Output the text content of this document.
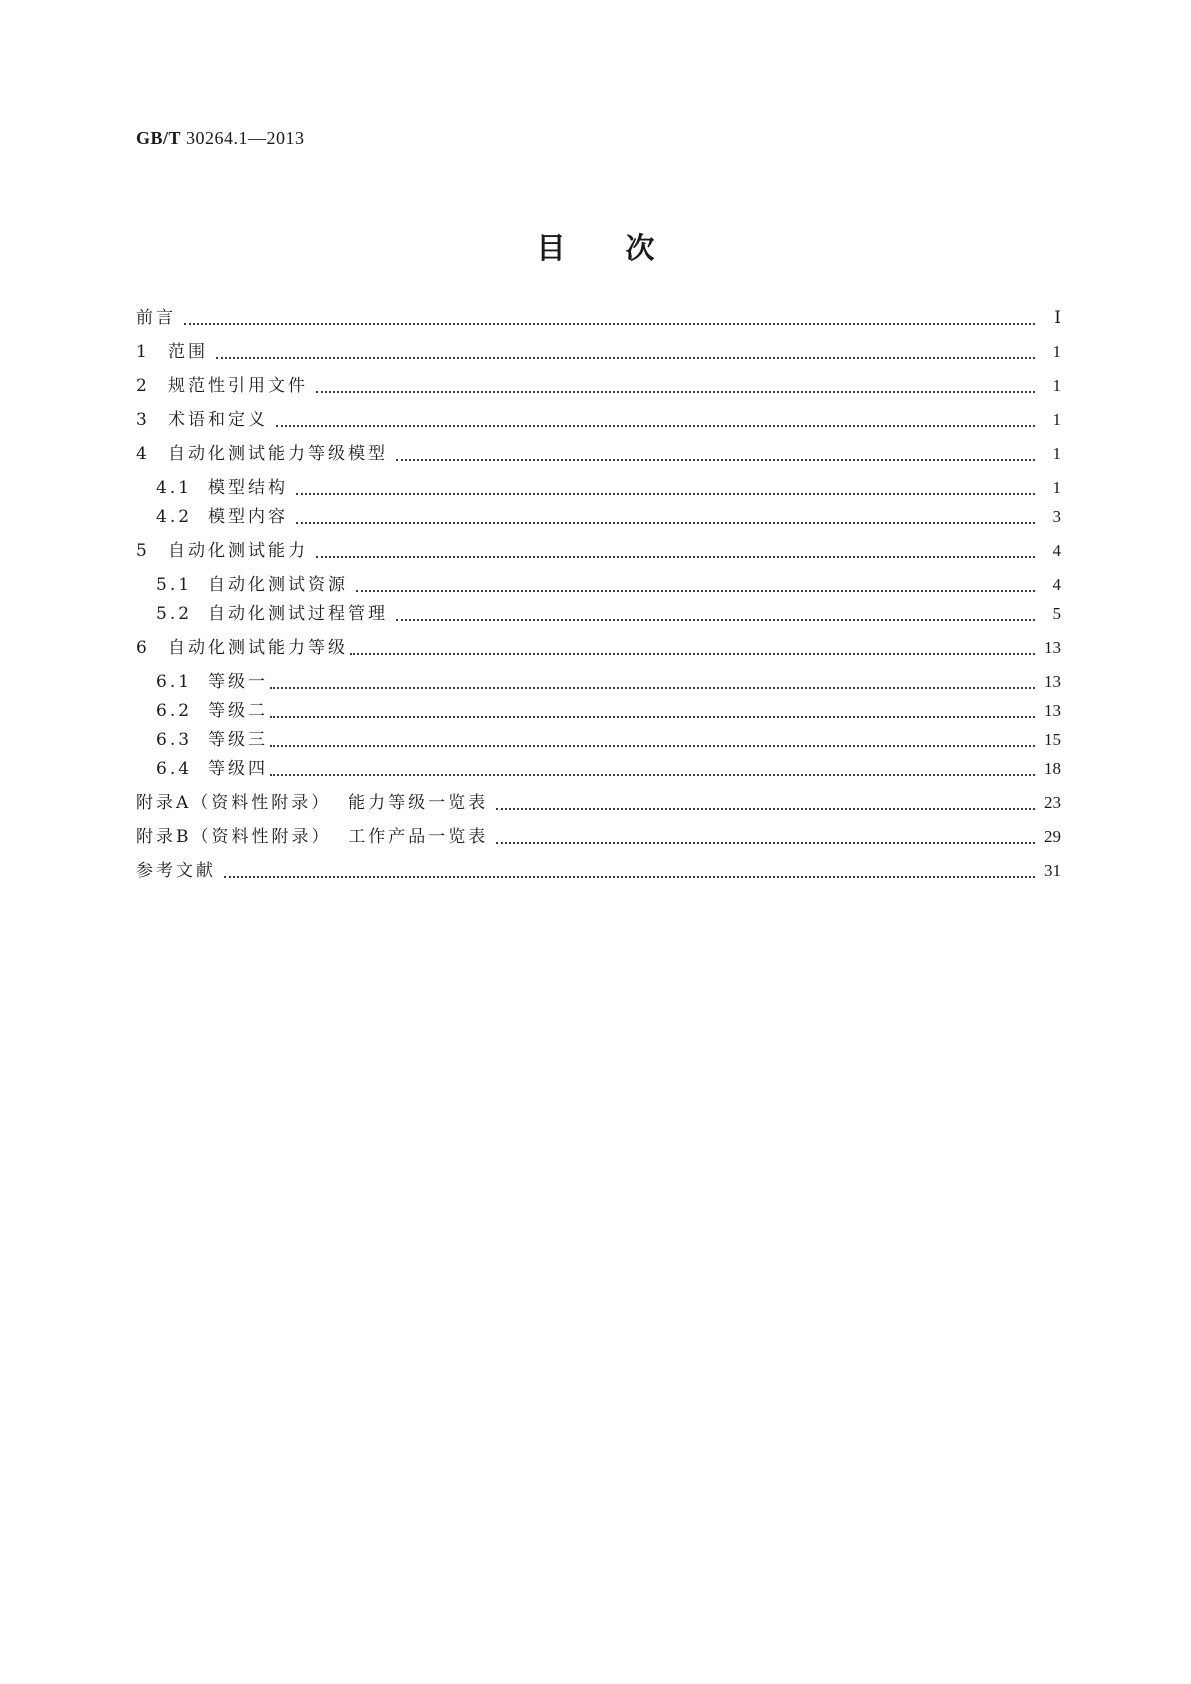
GB/T 30264.1—2013
目次
前言	Ⅰ
1	范围	1
2	规范性引用文件	1
3	术语和定义	1
4	自动化测试能力等级模型	1
4.1 模型结构	1
4.2 模型内容	3
5	自动化测试能力	4
5.1 自动化测试资源	4
5.2 自动化测试过程管理	5
6	自动化测试能力等级	13
6.1 等级一	13
6.2 等级二	13
6.3 等级三	15
6.4 等级四	18
附录A（资料性附录）  能力等级一览表	23
附录B（资料性附录）  工作产品一览表	29
参考文献	31
